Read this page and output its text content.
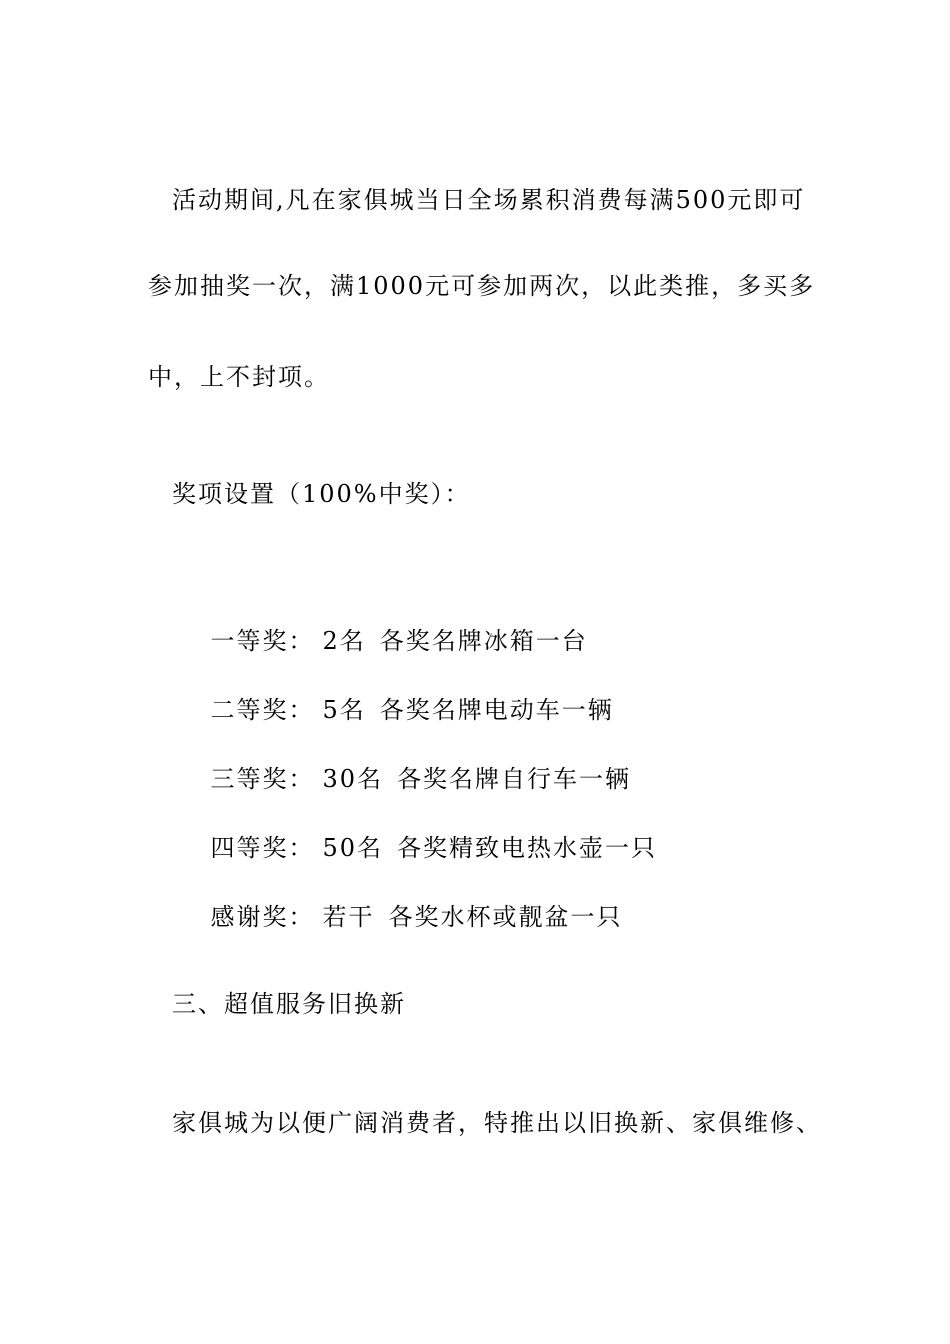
活动期间,凡在家俱城当日全场累积消费每满500元即可
参加抽奖一次，满1000元可参加两次，以此类推，多买多
中，上不封项。
奖项设置（100%中奖）：

一等奖： 2名 各奖名牌冰箱一台

二等奖： 5名 各奖名牌电动车一辆

三等奖： 30名 各奖名牌自行车一辆

四等奖： 50名 各奖精致电热水壶一只

感谢奖： 若干 各奖水杯或靓盆一只

三、超值服务旧换新
家俱城为以便广阔消费者，特推出以旧换新、家俱维修、
